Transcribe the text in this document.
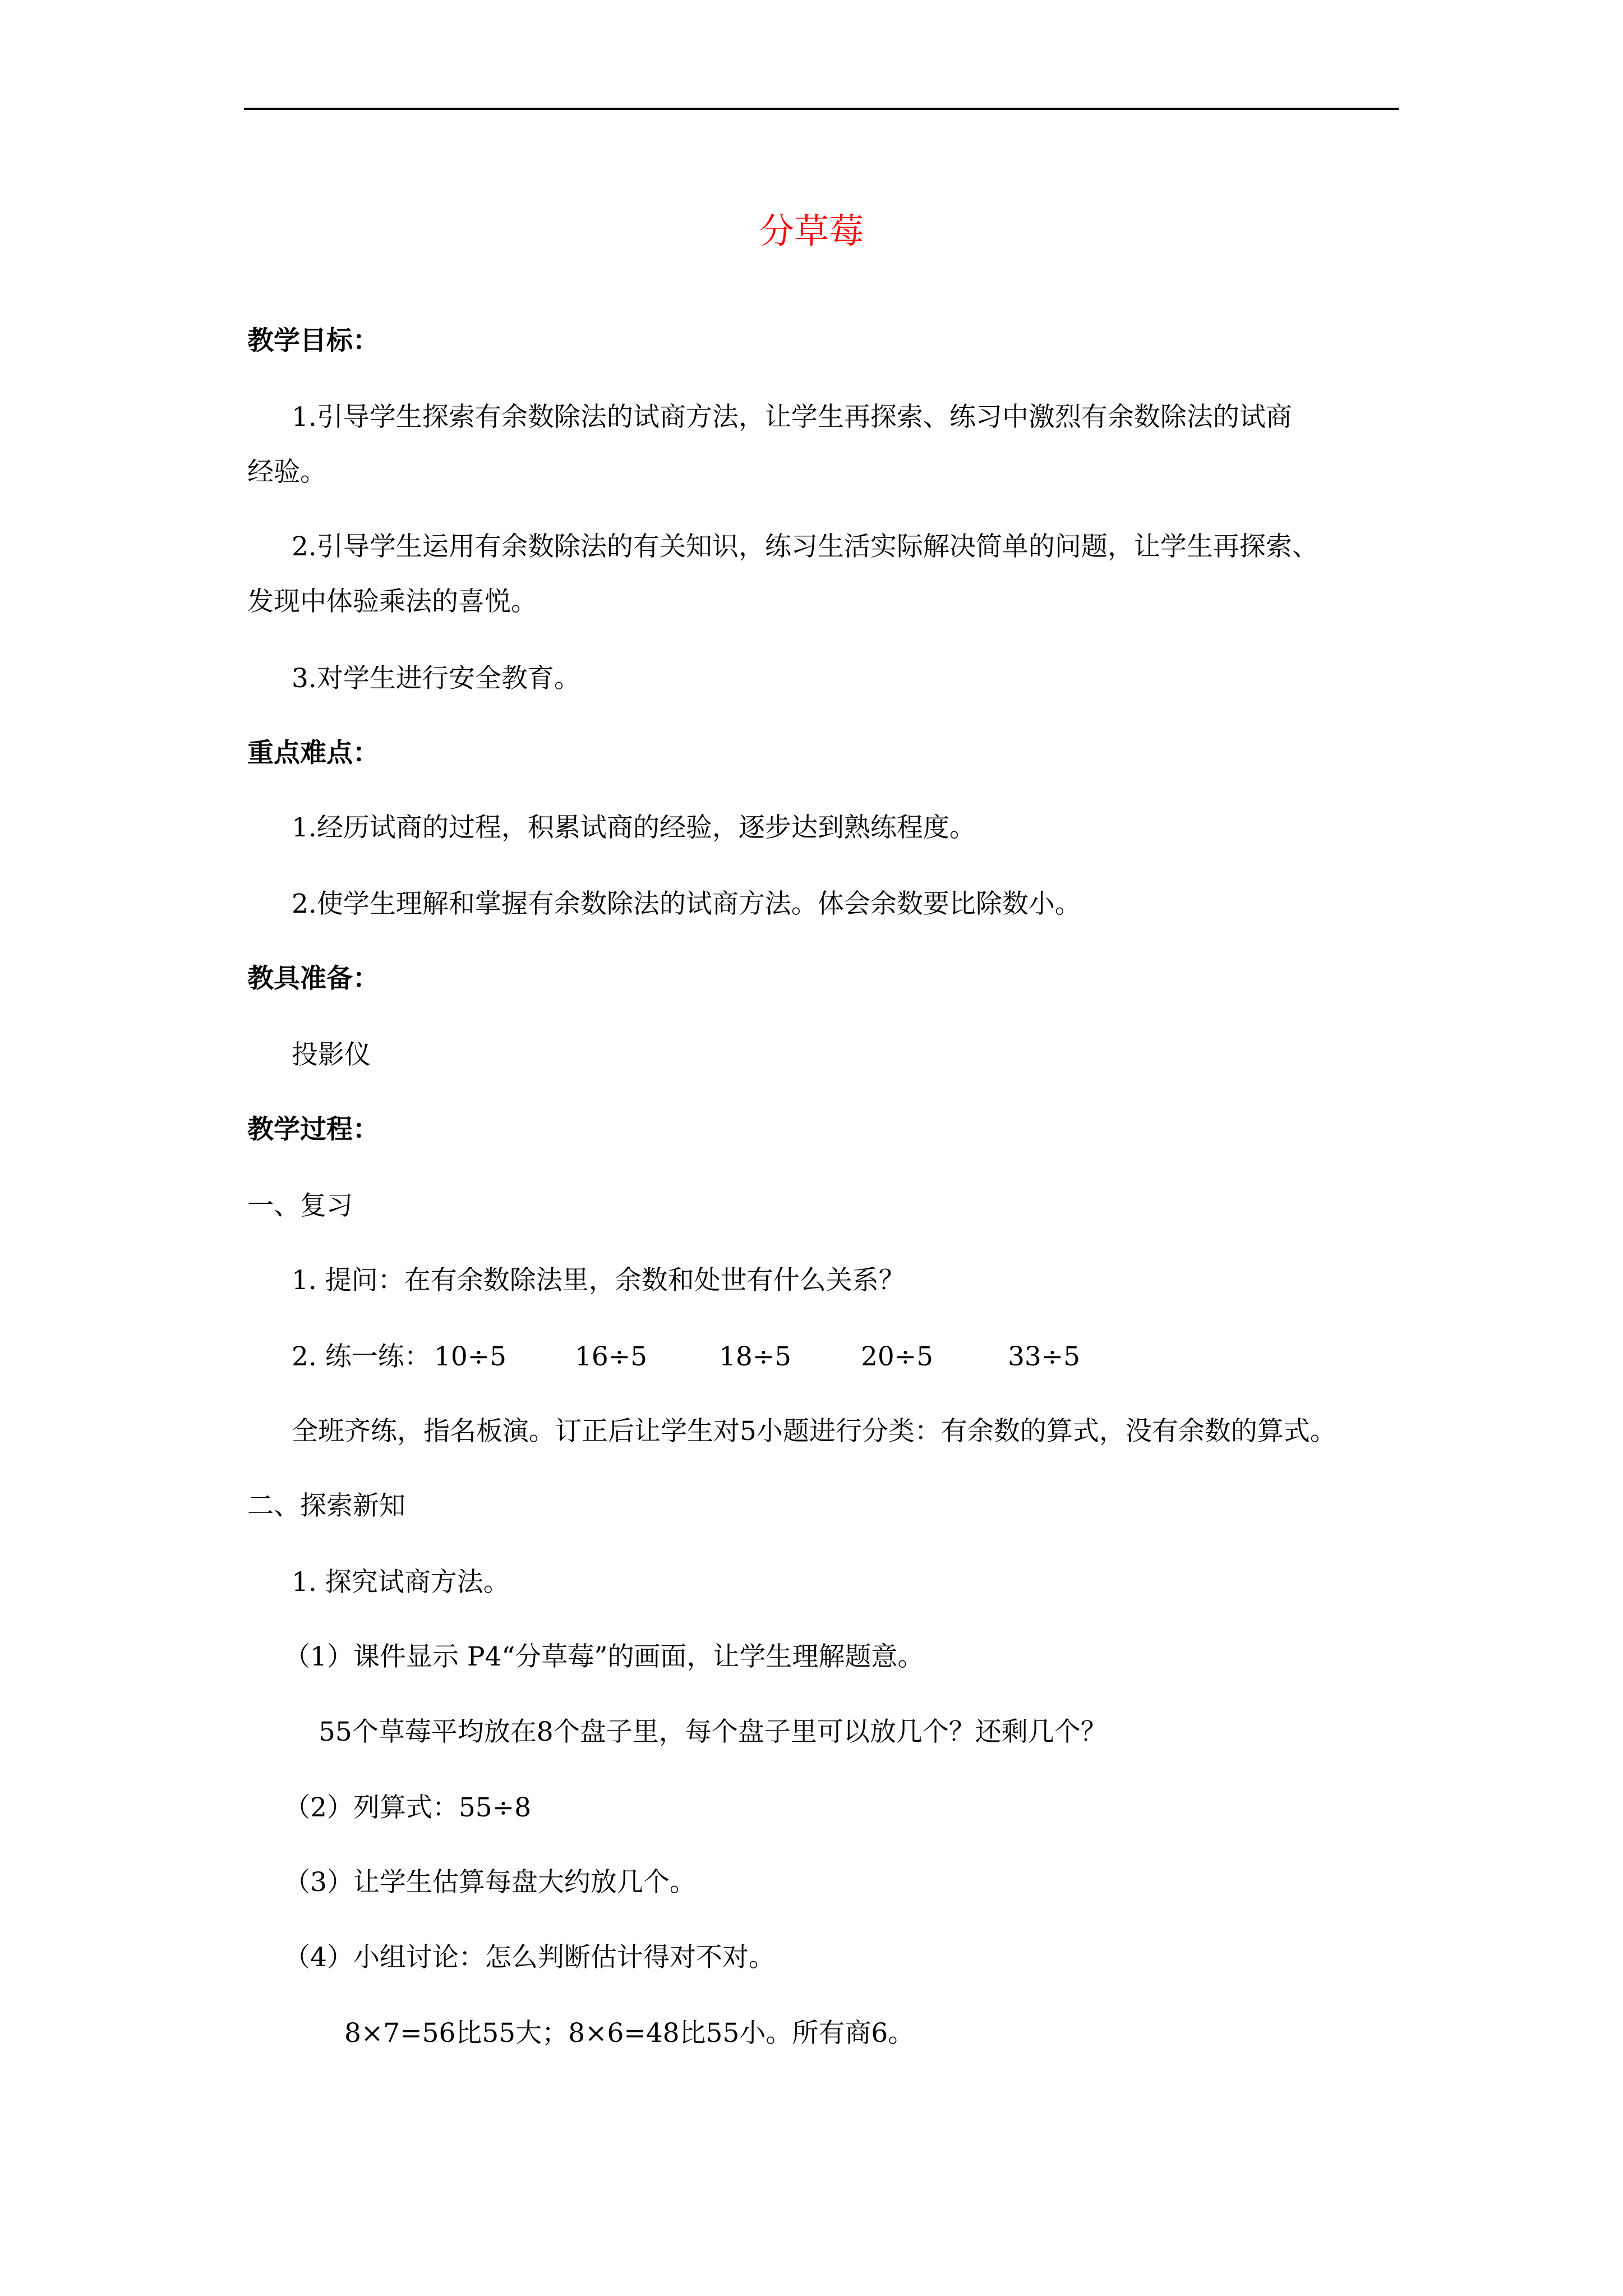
分草莓
教学目标：
1.引导学生探索有余数除法的试商方法，让学生再探索、练习中激烈有余数除法的试商
经验。
2.引导学生运用有余数除法的有关知识，练习生活实际解决简单的问题，让学生再探索、
发现中体验乘法的喜悦。
3.对学生进行安全教育。
重点难点：
1.经历试商的过程，积累试商的经验，逐步达到熟练程度。
2.使学生理解和掌握有余数除法的试商方法。体会余数要比除数小。
教具准备：
投影仪
教学过程：
一、复习
1. 提问：在有余数除法里，余数和处世有什么关系？
2. 练一练： 10÷5	16÷5	18÷5	20÷5	33÷5
全班齐练，指名板演。订正后让学生对5小题进行分类：有余数的算式，没有余数的算式。
二、探索新知
1. 探究试商方法。
（1）课件显示 P4“分草莓”的画面，让学生理解题意。
55个草莓平均放在8个盘子里，每个盘子里可以放几个？还剩几个？
（2）列算式：55÷8
（3）让学生估算每盘大约放几个。
（4）小组讨论：怎么判断估计得对不对。
8×7=56比55大；8×6=48比55小。所有商6。
